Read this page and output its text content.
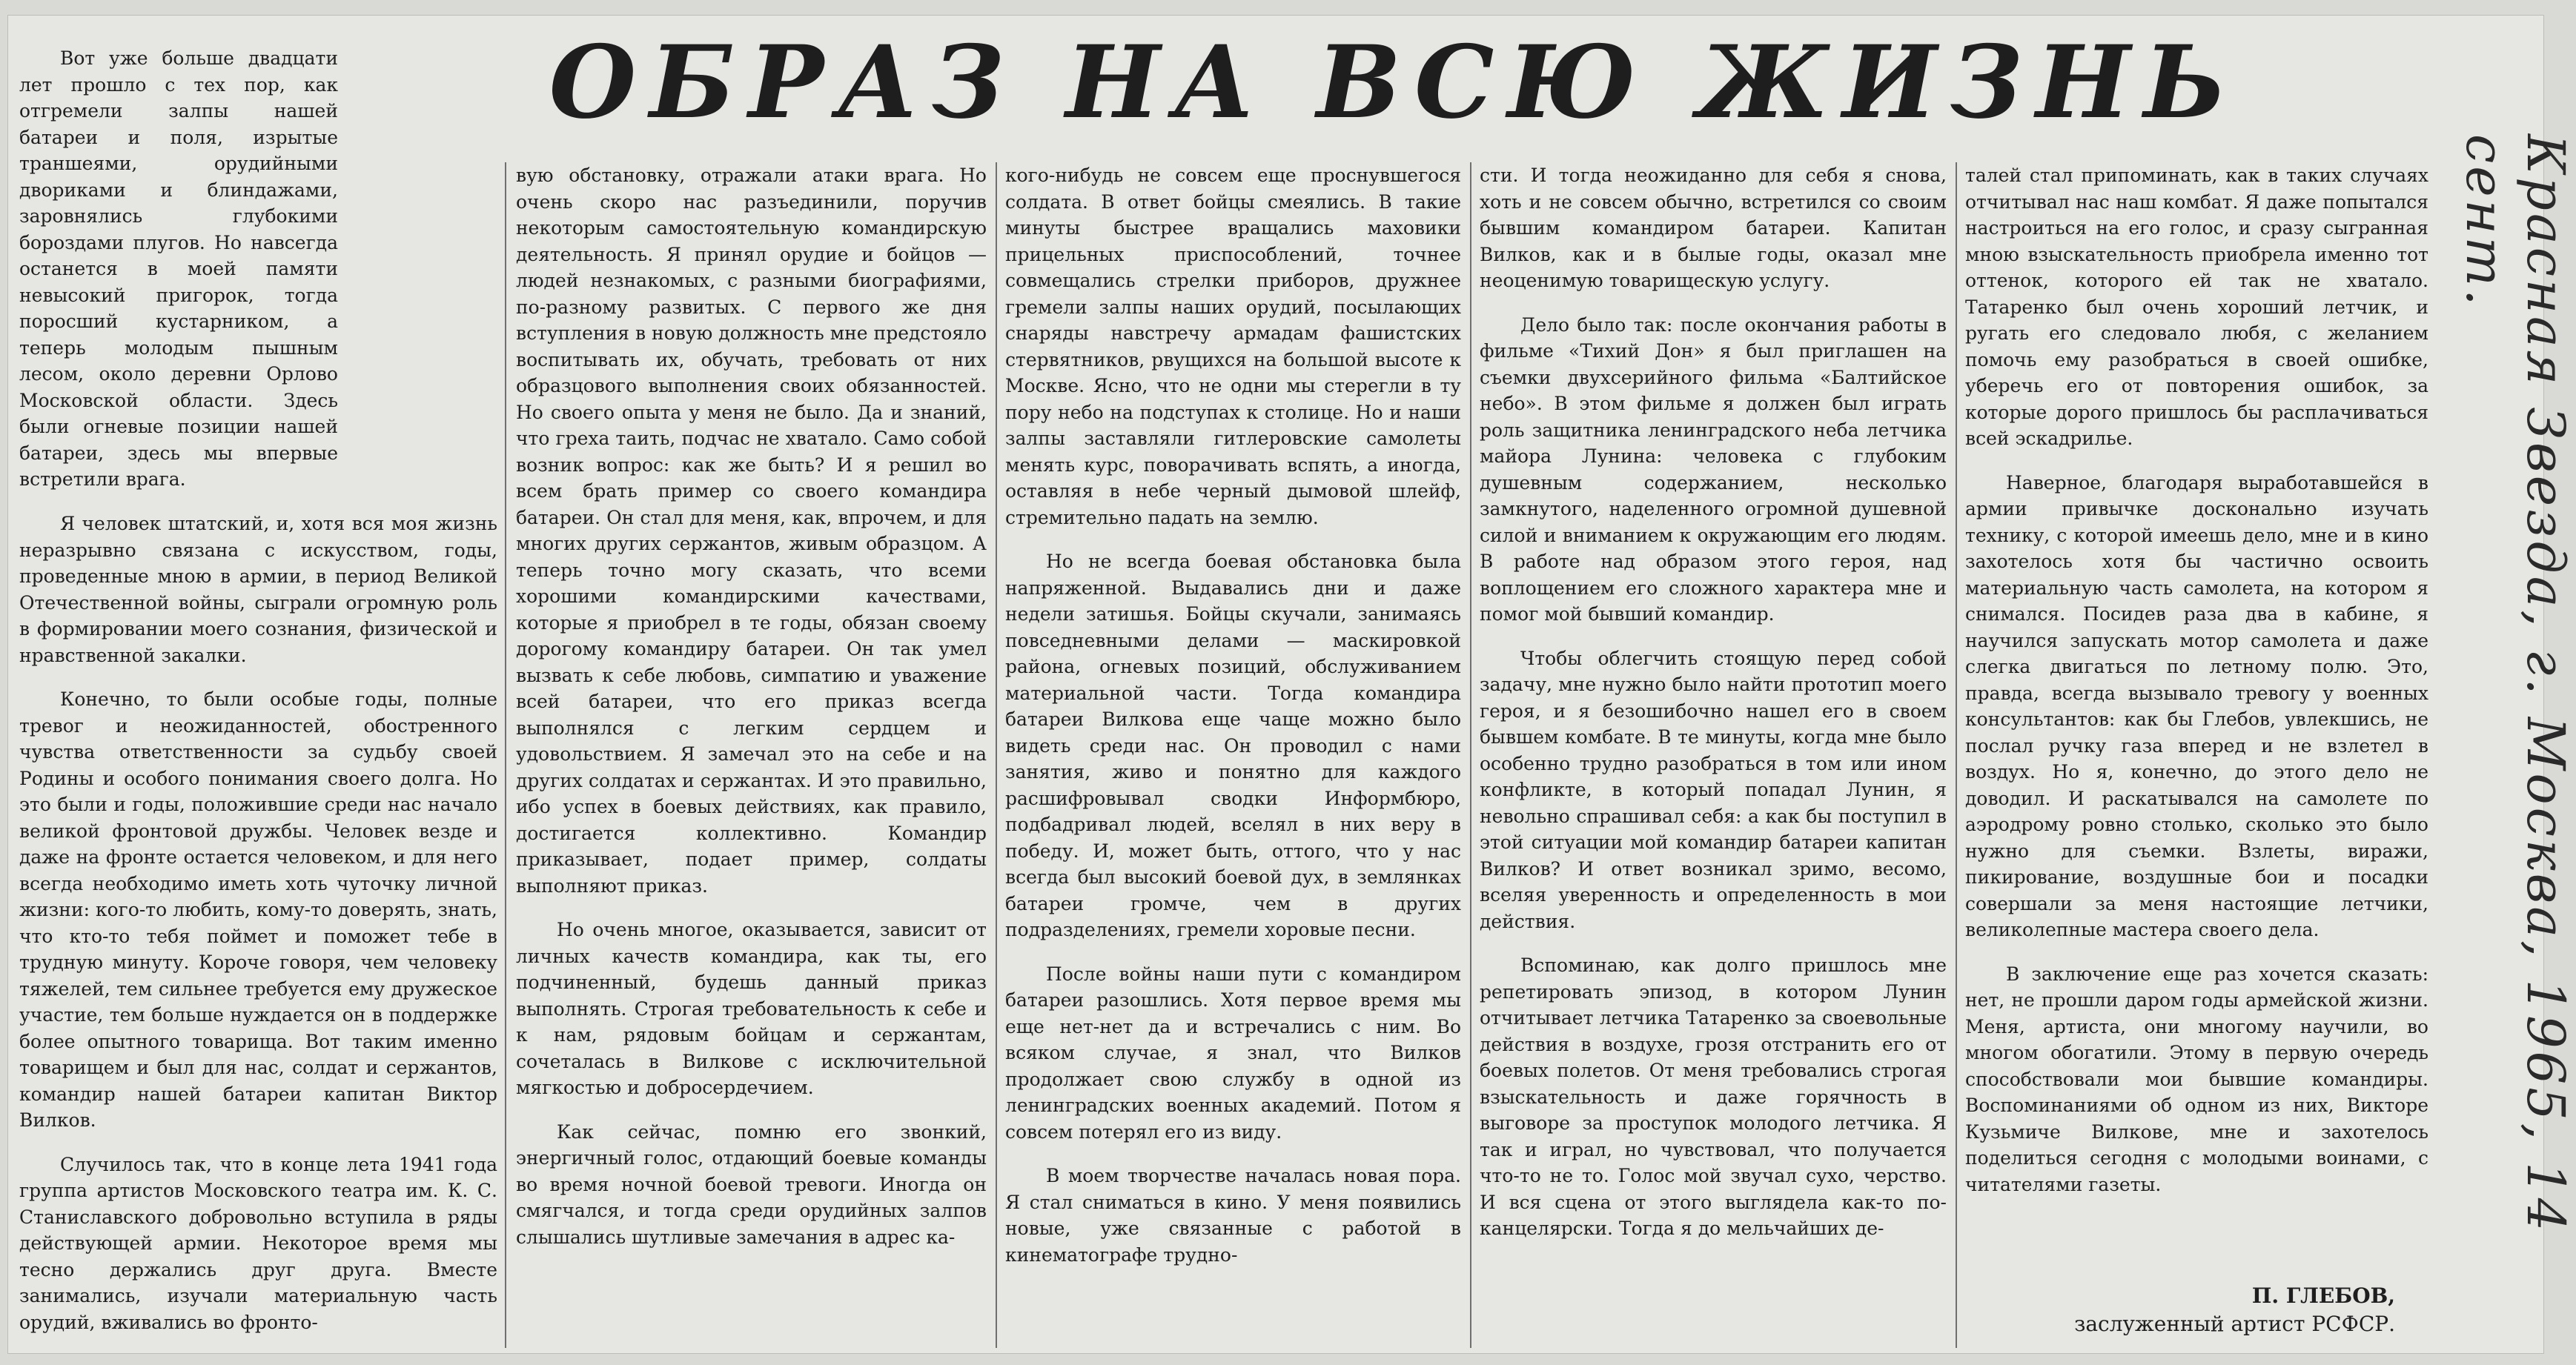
ОБРАЗ НА ВСЮ ЖИЗНЬ

Вот уже больше двадцати лет прошло с тех пор, как отгремели залпы нашей батареи и поля, изрытые траншеями, орудийными двориками и блиндажами, заровнялись глубокими бороздами плугов. Но навсегда останется в моей памяти невысокий пригорок, тогда поросший кустарником, а теперь молодым пышным лесом, около деревни Орлово Московской области. Здесь были огневые позиции нашей батареи, здесь мы впервые встретили врага.

Я человек штатский, и, хотя вся моя жизнь неразрывно связана с искусством, годы, проведенные мною в армии, в период Великой Отечественной войны, сыграли огромную роль в формировании моего сознания, физической и нравственной закалки.

Конечно, то были особые годы, полные тревог и неожиданностей, обостренного чувства ответственности за судьбу своей Родины и особого понимания своего долга. Но это были и годы, положившие среди нас начало великой фронтовой дружбы. Человек везде и даже на фронте остается человеком, и для него всегда необходимо иметь хоть чуточку личной жизни: кого-то любить, кому-то доверять, знать, что кто-то тебя поймет и поможет тебе в трудную минуту. Короче говоря, чем человеку тяжелей, тем сильнее требуется ему дружеское участие, тем больше нуждается он в поддержке более опытного товарища. Вот таким именно товарищем и был для нас, солдат и сержантов, командир нашей батареи капитан Виктор Вилков.

Случилось так, что в конце лета 1941 года группа артистов Московского театра им. К. С. Станиславского добровольно вступила в ряды действующей армии. Некоторое время мы тесно держались друг друга. Вместе занимались, изучали материальную часть орудий, вживались во фронто-

вую обстановку, отражали атаки врага. Но очень скоро нас разъединили, поручив некоторым самостоятельную командирскую деятельность. Я принял орудие и бойцов — людей незнакомых, с разными биографиями, по-разному развитых. С первого же дня вступления в новую должность мне предстояло воспитывать их, обучать, требовать от них образцового выполнения своих обязанностей. Но своего опыта у меня не было. Да и знаний, что греха таить, подчас не хватало. Само собой возник вопрос: как же быть? И я решил во всем брать пример со своего командира батареи. Он стал для меня, как, впрочем, и для многих других сержантов, живым образцом. А теперь точно могу сказать, что всеми хорошими командирскими качествами, которые я приобрел в те годы, обязан своему дорогому командиру батареи. Он так умел вызвать к себе любовь, симпатию и уважение всей батареи, что его приказ всегда выполнялся с легким сердцем и удовольствием. Я замечал это на себе и на других солдатах и сержантах. И это правильно, ибо успех в боевых действиях, как правило, достигается коллективно. Командир приказывает, подает пример, солдаты выполняют приказ.

Но очень многое, оказывается, зависит от личных качеств командира, как ты, его подчиненный, будешь данный приказ выполнять. Строгая требовательность к себе и к нам, рядовым бойцам и сержантам, сочеталась в Вилкове с исключительной мягкостью и добросердечием.

Как сейчас, помню его звонкий, энергичный голос, отдающий боевые команды во время ночной боевой тревоги. Иногда он смягчался, и тогда среди орудийных залпов слышались шутливые замечания в адрес ка-

кого-нибудь не совсем еще проснувшегося солдата. В ответ бойцы смеялись. В такие минуты быстрее вращались маховики прицельных приспособлений, точнее совмещались стрелки приборов, дружнее гремели залпы наших орудий, посылающих снаряды навстречу армадам фашистских стервятников, рвущихся на большой высоте к Москве. Ясно, что не одни мы стерегли в ту пору небо на подступах к столице. Но и наши залпы заставляли гитлеровские самолеты менять курс, поворачивать вспять, а иногда, оставляя в небе черный дымовой шлейф, стремительно падать на землю.

Но не всегда боевая обстановка была напряженной. Выдавались дни и даже недели затишья. Бойцы скучали, занимаясь повседневными делами — маскировкой района, огневых позиций, обслуживанием материальной части. Тогда командира батареи Вилкова еще чаще можно было видеть среди нас. Он проводил с нами занятия, живо и понятно для каждого расшифровывал сводки Информбюро, подбадривал людей, вселял в них веру в победу. И, может быть, оттого, что у нас всегда был высокий боевой дух, в землянках батареи громче, чем в других подразделениях, гремели хоровые песни.

После войны наши пути с командиром батареи разошлись. Хотя первое время мы еще нет-нет да и встречались с ним. Во всяком случае, я знал, что Вилков продолжает свою службу в одной из ленинградских военных академий. Потом я совсем потерял его из виду.

В моем творчестве началась новая пора. Я стал сниматься в кино. У меня появились новые, уже связанные с работой в кинематографе трудно-

сти. И тогда неожиданно для себя я снова, хоть и не совсем обычно, встретился со своим бывшим командиром батареи. Капитан Вилков, как и в былые годы, оказал мне неоценимую товарищескую услугу.

Дело было так: после окончания работы в фильме «Тихий Дон» я был приглашен на съемки двухсерийного фильма «Балтийское небо». В этом фильме я должен был играть роль защитника ленинградского неба летчика майора Лунина: человека с глубоким душевным содержанием, несколько замкнутого, наделенного огромной душевной силой и вниманием к окружающим его людям. В работе над образом этого героя, над воплощением его сложного характера мне и помог мой бывший командир.

Чтобы облегчить стоящую перед собой задачу, мне нужно было найти прототип моего героя, и я безошибочно нашел его в своем бывшем комбате. В те минуты, когда мне было особенно трудно разобраться в том или ином конфликте, в который попадал Лунин, я невольно спрашивал себя: а как бы поступил в этой ситуации мой командир батареи капитан Вилков? И ответ возникал зримо, весомо, вселяя уверенность и определенность в мои действия.

Вспоминаю, как долго пришлось мне репетировать эпизод, в котором Лунин отчитывает летчика Татаренко за своевольные действия в воздухе, грозя отстранить его от боевых полетов. От меня требовались строгая взыскательность и даже горячность в выговоре за проступок молодого летчика. Я так и играл, но чувствовал, что получается что-то не то. Голос мой звучал сухо, черство. И вся сцена от этого выглядела как-то по-канцелярски. Тогда я до мельчайших де-

талей стал припоминать, как в таких случаях отчитывал нас наш комбат. Я даже попытался настроиться на его голос, и сразу сыгранная мною взыскательность приобрела именно тот оттенок, которого ей так не хватало. Татаренко был очень хороший летчик, и ругать его следовало любя, с желанием помочь ему разобраться в своей ошибке, уберечь его от повторения ошибок, за которые дорого пришлось бы расплачиваться всей эскадрилье.

Наверное, благодаря выработавшейся в армии привычке досконально изучать технику, с которой имеешь дело, мне и в кино захотелось хотя бы частично освоить материальную часть самолета, на котором я снимался. Посидев раза два в кабине, я научился запускать мотор самолета и даже слегка двигаться по летному полю. Это, правда, всегда вызывало тревогу у военных консультантов: как бы Глебов, увлекшись, не послал ручку газа вперед и не взлетел в воздух. Но я, конечно, до этого дело не доводил. И раскатывался на самолете по аэродрому ровно столько, сколько это было нужно для съемки. Взлеты, виражи, пикирование, воздушные бои и посадки совершали за меня настоящие летчики, великолепные мастера своего дела.

В заключение еще раз хочется сказать: нет, не прошли даром годы армейской жизни. Меня, артиста, они многому научили, во многом обогатили. Этому в первую очередь способствовали мои бывшие командиры. Воспоминаниями об одном из них, Викторе Кузьмиче Вилкове, мне и захотелось поделиться сегодня с молодыми воинами, с читателями газеты.

П. ГЛЕБОВ,
заслуженный артист РСФСР.
Красная Звезда, г. Москва, 1965, 14 сент.
